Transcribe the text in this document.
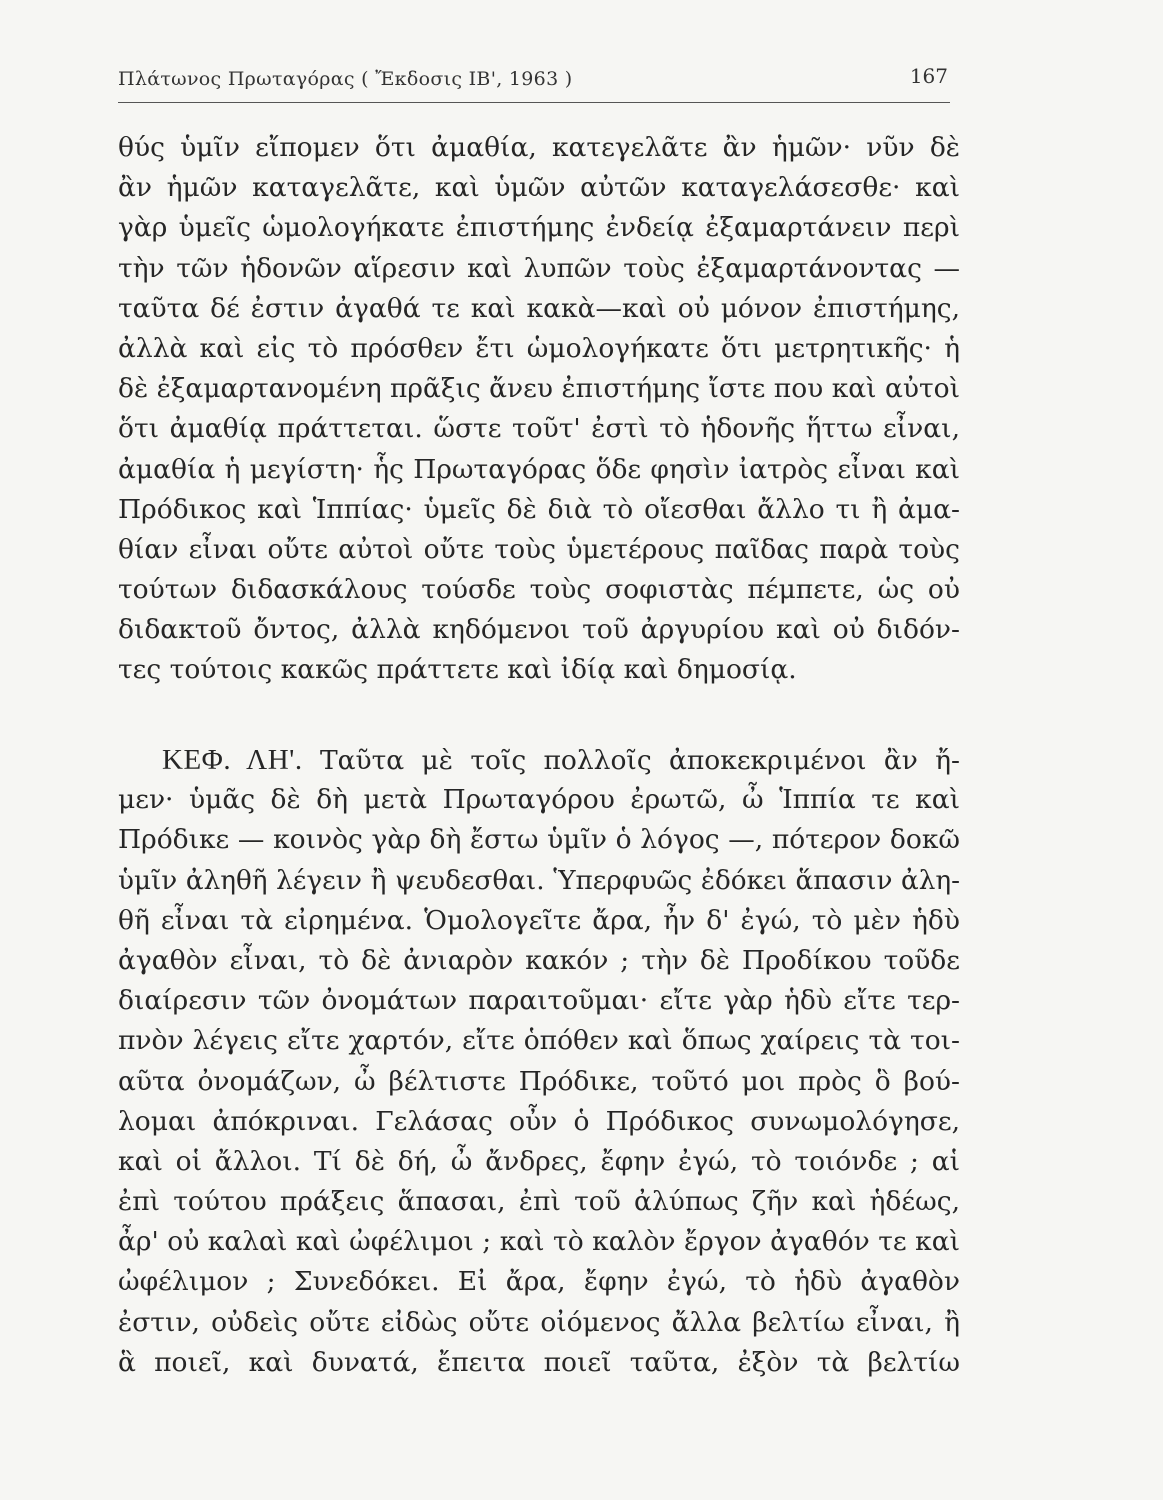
Πλάτωνος Πρωταγόρας ( Ἔκδοσις ΙΒ', 1963 )	167
θύς ὑμῖν εἴπομεν ὅτι ἀμαθία, κατεγελᾶτε ἂν ἡμῶν· νῦν δὲ
ἂν ἡμῶν καταγελᾶτε, καὶ ὑμῶν αὐτῶν καταγελάσεσθε· καὶ
γὰρ ὑμεῖς ὡμολογήκατε ἐπιστήμης ἐνδείᾳ ἐξαμαρτάνειν περὶ
τὴν τῶν ἡδονῶν αἵρεσιν καὶ λυπῶν τοὺς ἐξαμαρτάνοντας —
ταῦτα δέ ἐστιν ἀγαθά τε καὶ κακὰ—καὶ οὐ μόνον ἐπιστήμης,
ἀλλὰ καὶ εἰς τὸ πρόσθεν ἔτι ὡμολογήκατε ὅτι μετρητικῆς· ἡ
δὲ ἐξαμαρτανομένη πρᾶξις ἄνευ ἐπιστήμης ἴστε που καὶ αὐτοὶ
ὅτι ἀμαθίᾳ πράττεται. ὥστε τοῦτ' ἐστὶ τὸ ἡδονῆς ἥττω εἶναι,
ἀμαθία ἡ μεγίστη· ἧς Πρωταγόρας ὅδε φησὶν ἰατρὸς εἶναι καὶ
Πρόδικος καὶ Ἱππίας· ὑμεῖς δὲ διὰ τὸ οἴεσθαι ἄλλο τι ἢ ἀμα-
θίαν εἶναι οὔτε αὐτοὶ οὔτε τοὺς ὑμετέρους παῖδας παρὰ τοὺς
τούτων διδασκάλους τούσδε τοὺς σοφιστὰς πέμπετε, ὡς οὐ
διδακτοῦ ὄντος, ἀλλὰ κηδόμενοι τοῦ ἀργυρίου καὶ οὐ διδόν-
τες τούτοις κακῶς πράττετε καὶ ἰδίᾳ καὶ δημοσίᾳ.
ΚΕΦ. ΛΗ'. Ταῦτα μὲ τοῖς πολλοῖς ἀποκεκριμένοι ἂν ἤ-
μεν· ὑμᾶς δὲ δὴ μετὰ Πρωταγόρου ἐρωτῶ, ὦ Ἱππία τε καὶ
Πρόδικε — κοινὸς γὰρ δὴ ἔστω ὑμῖν ὁ λόγος —, πότερον δοκῶ
ὑμῖν ἀληθῆ λέγειν ἢ ψευδεσθαι. Ὑπερφυῶς ἐδόκει ἅπασιν ἀλη-
θῆ εἶναι τὰ εἰρημένα. Ὁμολογεῖτε ἄρα, ἦν δ' ἐγώ, τὸ μὲν ἡδὺ
ἀγαθὸν εἶναι, τὸ δὲ ἀνιαρὸν κακόν ; τὴν δὲ Προδίκου τοῦδε
διαίρεσιν τῶν ὀνομάτων παραιτοῦμαι· εἴτε γὰρ ἡδὺ εἴτε τερ-
πνὸν λέγεις εἴτε χαρτόν, εἴτε ὁπόθεν καὶ ὅπως χαίρεις τὰ τοι-
αῦτα ὀνομάζων, ὦ βέλτιστε Πρόδικε, τοῦτό μοι πρὸς ὃ βού-
λομαι ἀπόκριναι. Γελάσας οὖν ὁ Πρόδικος συνωμολόγησε,
καὶ οἱ ἄλλοι. Τί δὲ δή, ὦ ἄνδρες, ἔφην ἐγώ, τὸ τοιόνδε ; αἱ
ἐπὶ τούτου πράξεις ἅπασαι, ἐπὶ τοῦ ἀλύπως ζῆν καὶ ἡδέως,
ἆρ' οὐ καλαὶ καὶ ὠφέλιμοι ; καὶ τὸ καλὸν ἔργον ἀγαθόν τε καὶ
ὠφέλιμον ; Συνεδόκει. Εἰ ἄρα, ἔφην ἐγώ, τὸ ἡδὺ ἀγαθὸν
ἐστιν, οὐδεὶς οὔτε εἰδὼς οὔτε οἰόμενος ἄλλα βελτίω εἶναι, ἢ
ἃ ποιεῖ, καὶ δυνατά, ἔπειτα ποιεῖ ταῦτα, ἐξὸν τὰ βελτίω
